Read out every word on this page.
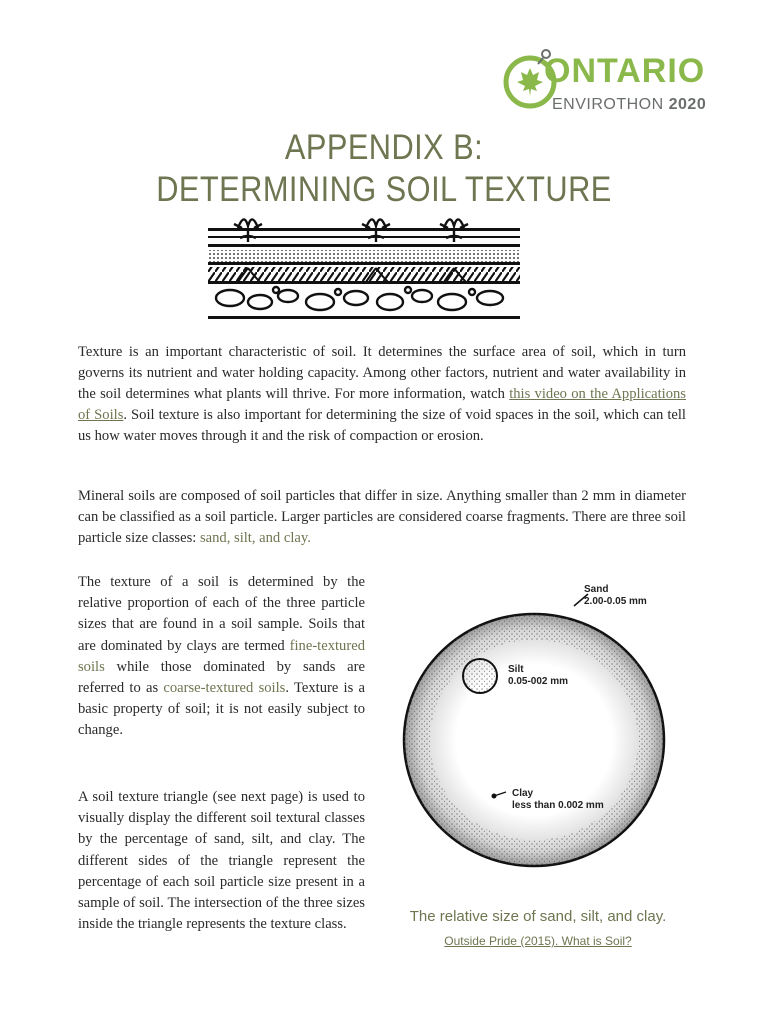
ONTARIO
ENVIROTHON 2020
APPENDIX B:
DETERMINING SOIL TEXTURE

Texture is an important characteristic of soil. It determines the surface area of soil, which in turn governs its nutrient and water holding capacity. Among other factors, nutrient and water availability in the soil determines what plants will thrive. For more information, watch this video on the Applications of Soils. Soil texture is also important for determining the size of void spaces in the soil, which can tell us how water moves through it and the risk of compaction or erosion.

Mineral soils are composed of soil particles that differ in size. Anything smaller than 2 mm in diameter can be classified as a soil particle. Larger particles are considered coarse fragments. There are three soil particle size classes: sand, silt, and clay.

The texture of a soil is determined by the relative proportion of each of the three particle sizes that are found in a soil sample. Soils that are dominated by clays are termed fine-textured soils while those dominated by sands are referred to as coarse-textured soils. Texture is a basic property of soil; it is not easily subject to change.

A soil texture triangle (see next page) is used to visually display the different soil textural classes by the percentage of sand, silt, and clay. The different sides of the triangle represent the percentage of each soil particle size present in a sample of soil. The intersection of the three sizes inside the triangle represents the texture class.

Sand
2.00-0.05 mm
Silt
0.05-002 mm
Clay
less than 0.002 mm
The relative size of sand, silt, and clay.
Outside Pride (2015). What is Soil?
